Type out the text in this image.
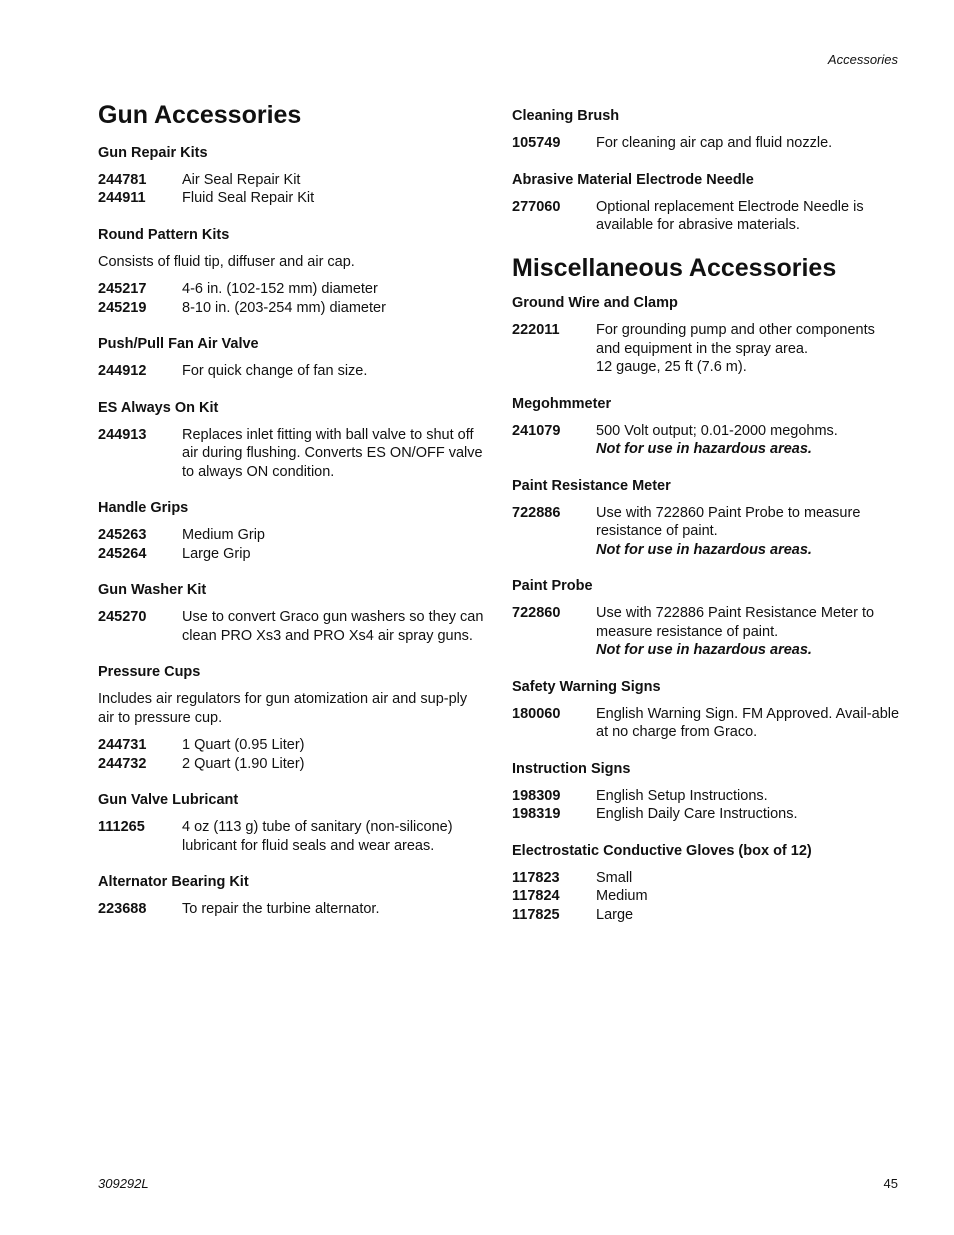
Accessories
Gun Accessories
Gun Repair Kits
244781	Air Seal Repair Kit
244911	Fluid Seal Repair Kit
Round Pattern Kits
Consists of fluid tip, diffuser and air cap.
245217	4-6 in. (102-152 mm) diameter
245219	8-10 in. (203-254 mm) diameter
Push/Pull Fan Air Valve
244912	For quick change of fan size.
ES Always On Kit
244913	Replaces inlet fitting with ball valve to shut off air during flushing. Converts ES ON/OFF valve to always ON condition.
Handle Grips
245263	Medium Grip
245264	Large Grip
Gun Washer Kit
245270	Use to convert Graco gun washers so they can clean PRO Xs3 and PRO Xs4 air spray guns.
Pressure Cups
Includes air regulators for gun atomization air and sup-ply air to pressure cup.
244731	1 Quart (0.95 Liter)
244732	2 Quart (1.90 Liter)
Gun Valve Lubricant
111265	4 oz (113 g) tube of sanitary (non-silicone) lubricant for fluid seals and wear areas.
Alternator Bearing Kit
223688	To repair the turbine alternator.
Cleaning Brush
105749	For cleaning air cap and fluid nozzle.
Abrasive Material Electrode Needle
277060	Optional replacement Electrode Needle is available for abrasive materials.
Miscellaneous Accessories
Ground Wire and Clamp
222011	For grounding pump and other components and equipment in the spray area.
12 gauge, 25 ft (7.6 m).
Megohmmeter
241079	500 Volt output; 0.01-2000 megohms.
Not for use in hazardous areas.
Paint Resistance Meter
722886	Use with 722860 Paint Probe to measure resistance of paint.
Not for use in hazardous areas.
Paint Probe
722860	Use with 722886 Paint Resistance Meter to measure resistance of paint.
Not for use in hazardous areas.
Safety Warning Signs
180060	English Warning Sign. FM Approved. Avail-able at no charge from Graco.
Instruction Signs
198309	English Setup Instructions.
198319	English Daily Care Instructions.
Electrostatic Conductive Gloves (box of 12)
117823	Small
117824	Medium
117825	Large
309292L	45
